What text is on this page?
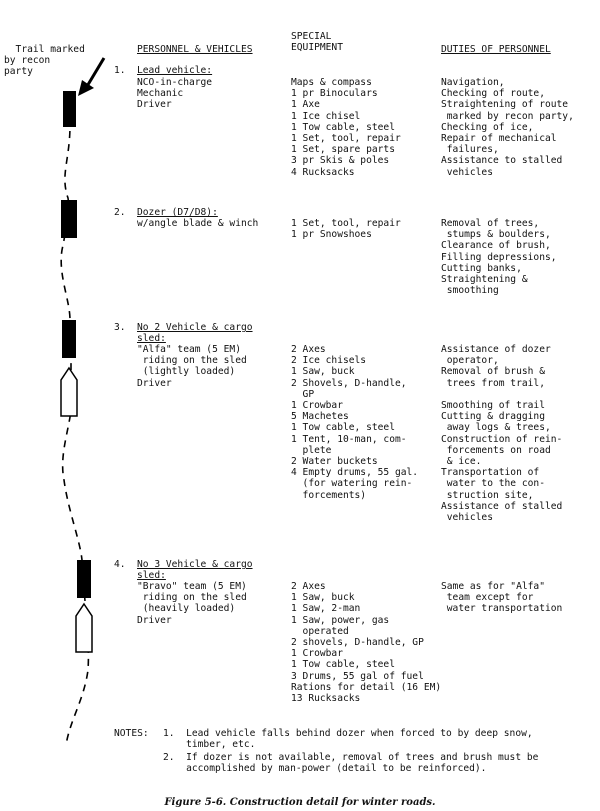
Trail marked
by recon
party
PERSONNEL & VEHICLES
SPECIAL
EQUIPMENT	DUTIES OF PERSONNEL
1. Lead vehicle:
NCO-in-charge
Mechanic
Driver
Maps & compass
1 pr Binoculars
1 Axe
1 Ice chisel
1 Tow cable, steel
1 Set, tool, repair
1 Set, spare parts
3 pr Skis & poles
4 Rucksacks
Navigation,
Checking of route,
Straightening of route
marked by recon party,
Checking of ice,
Repair of mechanical
failures,
Assistance to stalled
vehicles
2. Dozer (D7/D8):
w/angle blade & winch	1 Set, tool, repair
1 pr Snowshoes
Removal of trees,
stumps & boulders,
Clearance of brush,
Filling depressions,
Cutting banks,
Straightening &
smoothing
3. No 2 Vehicle & cargo
sled:
"Alfa" team (5 EM)
riding on the sled
(lightly loaded)
Driver
2 Axes
2 Ice chisels
1 Saw, buck
2 Shovels, D-handle,
GP
1 Crowbar
5 Machetes
1 Tow cable, steel
1 Tent, 10-man, com-
plete
2 Water buckets
4 Empty drums, 55 gal.
(for watering rein-
forcements)
Assistance of dozer
operator,
Removal of brush &
trees from trail,

Smoothing of trail
Cutting & dragging
away logs & trees,
Construction of rein-
forcements on road
& ice.
Transportation of
water to the con-
struction site,
Assistance of stalled
vehicles
4. No 3 Vehicle & cargo
sled:
"Bravo" team (5 EM)
riding on the sled
(heavily loaded)
Driver
2 Axes
1 Saw, buck
1 Saw, 2-man
1 Saw, power, gas
operated
2 shovels, D-handle, GP
1 Crowbar
1 Tow cable, steel
3 Drums, 55 gal of fuel
Rations for detail (16 EM)
13 Rucksacks
Same as for "Alfa"
team except for
water transportation
NOTES: 1.  Lead vehicle falls behind dozer when forced to by deep snow,
timber, etc.
2.  If dozer is not available, removal of trees and brush must be
accomplished by man-power (detail to be reinforced).
Figure 5-6. Construction detail for winter roads.
